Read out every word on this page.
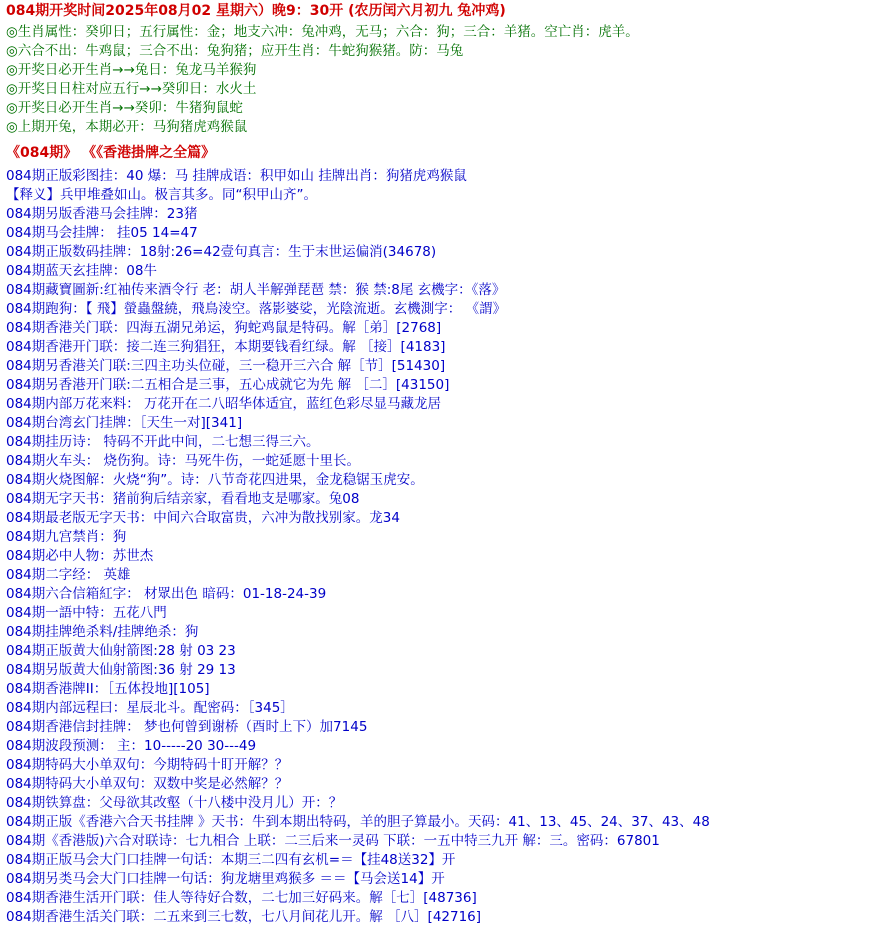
084期开奖时间2025年08月02 星期六）晚9：30开 (农历闰六月初九 兔冲鸡)
◎生肖属性：癸卯日；五行属性：金；地支六冲：兔冲鸡，无马；六合：狗；三合：羊猪。空亡肖：虎羊。
◎六合不出：牛鸡鼠；三合不出：兔狗猪；应开生肖：牛蛇狗猴猪。防：马兔
◎开奖日必开生肖→→兔日：兔龙马羊猴狗
◎开奖日日柱对应五行→→癸卯日：水火土
◎开奖日必开生肖→→癸卯：牛猪狗鼠蛇
◎上期开兔，本期必开：马狗猪虎鸡猴鼠
《084期》 《《香港掛牌之全篇》
084期正版彩图挂：40 爆：马 挂牌成语：积甲如山 挂牌出肖：狗猪虎鸡猴鼠
【释义】兵甲堆叠如山。极言其多。同“积甲山齐”。
084期另版香港马会挂牌：23猪
084期马会挂牌： 挂05 14=47
084期正版数码挂牌：18射:26=42壹句真言：生于末世运偏消(34678)
084期蓝天玄挂牌：08牛
084期藏寶圖新:红袖传来酒令行 老：胡人半解弹琵琶 禁：猴 禁:8尾 玄機字：《落》
084期跑狗：【 飛】螢蟲盤繞，飛鳥淩空。落影婆娑，光陰流逝。玄機測字： 《謂》
084期香港关门联：四海五湖兄弟运，狗蛇鸡鼠是特码。解［弟］[2768]
084期香港开门联：接二连三狗猖狂，本期要钱看红绿。解 ［接］[4183]
084期另香港关门联:三四主功头位碰，三一稳开三六合 解［节］[51430]
084期另香港开门联:二五相合是三事，五心成就它为先 解 ［二］[43150]
084期内部万花来料： 万花开在二八昭华体适宜，蓝红色彩尽显马藏龙居
084期台湾玄门挂牌：［天生一对][341]
084期挂历诗： 特码不开此中间，二七想三得三六。
084期火车头： 烧伤狗。诗：马死牛伤，一蛇延愿十里长。
084期火烧图解：火烧“狗”。诗：八节奇花四进果，金龙稳锯玉虎安。
084期无字天书：猪前狗后结亲家，看看地支是哪家。兔08
084期最老版无字天书：中间六合取富贵，六冲为散找别家。龙34
084期九宫禁肖：狗
084期必中人物：苏世杰
084期二字经： 英雄
084期六合信箱紅字： 材眾出色 暗码：01-18-24-39
084期一語中特：五花八門
084期挂牌绝杀料/挂牌绝杀：狗
084期正版黄大仙射箭图:28 射 03 23
084期另版黄大仙射箭图:36 射 29 13
084期香港牌II：［五体投地][105]
084期内部远程曰：星辰北斗。配密码：［345］
084期香港信封挂牌： 梦也何曾到谢桥（酉时上下）加7145
084期波段预测： 主：10-----20 30---49
084期特码大小单双句：今期特码十盯开解？？
084期特码大小单双句：双数中奖是必然解？？
084期铁算盘：父母欲其改壑（十八楼中没月儿）开：？
084期正版《香港六合天书挂牌 》天书：牛到本期出特码，羊的胆子算最小。天码：41、13、45、24、37、43、48
084期《香港版)六合对联诗：七九相合 上联：二三后来一灵码 下联：一五中特三九开 解：三。密码：67801
084期正版马会大门口挂牌一句话：本期三二四有玄机=＝【挂48送32】开
084期另类马会大门口挂牌一句话：狗龙塘里鸡猴多 ＝＝【马会送14】开
084期香港生活开门联：佳人等待好合数，二七加三好码来。解［七］[48736]
084期香港生活关门联：二五来到三七数，七八月间花儿开。解 ［八］[42716]
